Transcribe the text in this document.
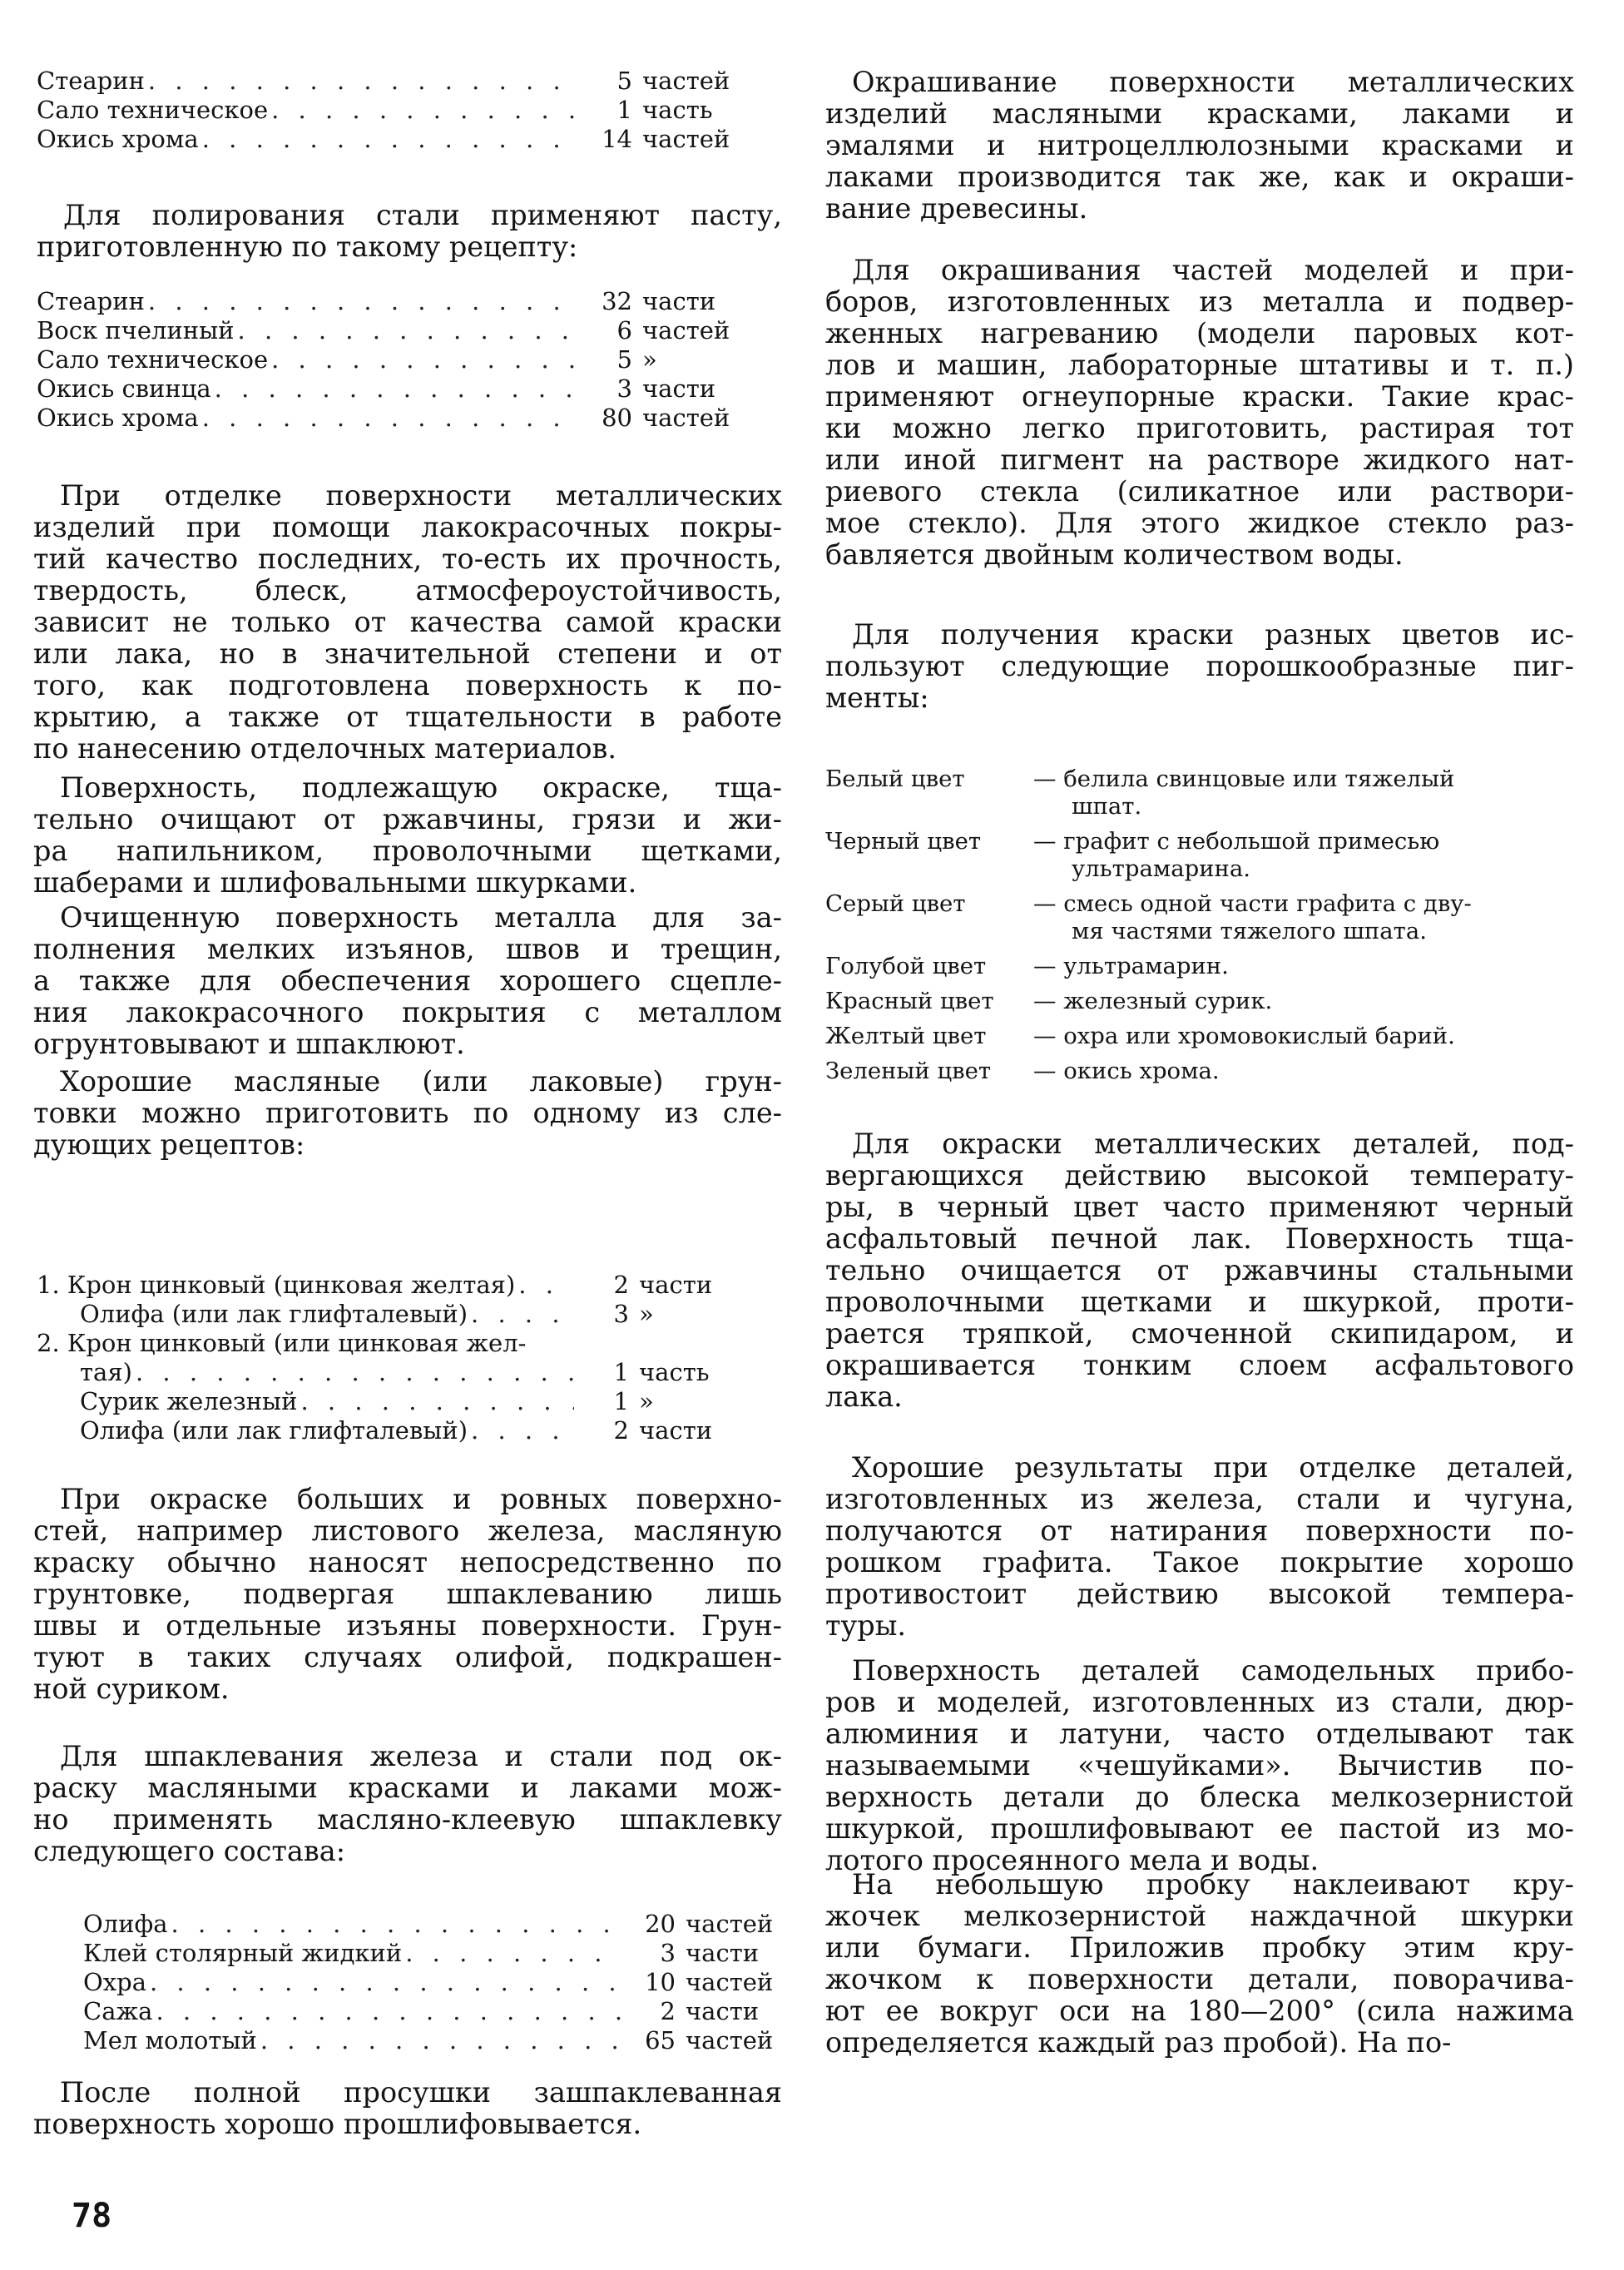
Стеарин . . .	5 частей
Сало техническое . . .	1 часть
Окись хрома . . .	14 частей
Для полирования стали применяют пасту,
приготовленную по такому рецепту:
Стеарин . . .	32 части
Воск пчелиный . . .	6 частей
Сало техническое . . .	5 »
Окись свинца . . .	3 части
Окись хрома . . .	80 частей
При отделке поверхности металлических
изделий при помощи лакокрасочных покры-
тий качество последних, то-есть их прочность,
твердость, блеск, атмосфероустойчивость,
зависит не только от качества самой краски
или лака, но в значительной степени и от
того, как подготовлена поверхность к по-
крытию, а также от тщательности в работе
по нанесению отделочных материалов.
Поверхность, подлежащую окраске, тща-
тельно очищают от ржавчины, грязи и жи-
ра напильником, проволочными щетками,
шаберами и шлифовальными шкурками.
Очищенную поверхность металла для за-
полнения мелких изъянов, швов и трещин,
а также для обеспечения хорошего сцепле-
ния лакокрасочного покрытия с металлом
огрунтовывают и шпаклюют.
Хорошие масляные (или лаковые) грун-
товки можно приготовить по одному из сле-
дующих рецептов:
1. Крон цинковый (цинковая желтая) . . .	2 части
Олифа (или лак глифталевый) . . .	3 »
2. Крон цинковый (или цинковая жел-
тая) . . .	1 часть
Сурик железный . . .	1 »
Олифа (или лак глифталевый) . . .	2 части
При окраске больших и ровных поверхно-
стей, например листового железа, масляную
краску обычно наносят непосредственно по
грунтовке, подвергая шпаклеванию лишь
швы и отдельные изъяны поверхности. Грун-
туют в таких случаях олифой, подкрашен-
ной суриком.
Для шпаклевания железа и стали под ок-
раску масляными красками и лаками мож-
но применять масляно-клеевую шпаклевку
следующего состава:
Олифа . . .	20 частей
Клей столярный жидкий . . .	3 части
Охра . . .	10 частей
Сажа . . .	2 части
Мел молотый . . .	65 частей
После полной просушки зашпаклеванная
поверхность хорошо прошлифовывается.
78
Окрашивание поверхности металлических
изделий масляными красками, лаками и
эмалями и нитроцеллюлозными красками и
лаками производится так же, как и окраши-
вание древесины.
Для окрашивания частей моделей и при-
боров, изготовленных из металла и подвер-
женных нагреванию (модели паровых кот-
лов и машин, лабораторные штативы и т. п.)
применяют огнеупорные краски. Такие крас-
ки можно легко приготовить, растирая тот
или иной пигмент на растворе жидкого нат-
риевого стекла (силикатное или раствори-
мое стекло). Для этого жидкое стекло раз-
бавляется двойным количеством воды.
Для получения краски разных цветов ис-
пользуют следующие порошкообразные пиг-
менты:
Белый цвет	— белила свинцовые или тяжелый
шпат.
Черный цвет	— графит с небольшой примесью
ультрамарина.
Серый цвет	— смесь одной части графита с дву-
мя частями тяжелого шпата.
Голубой цвет	— ультрамарин.
Красный цвет	— железный сурик.
Желтый цвет	— охра или хромовокислый барий.
Зеленый цвет	— окись хрома.
Для окраски металлических деталей, под-
вергающихся действию высокой температу-
ры, в черный цвет часто применяют черный
асфальтовый печной лак. Поверхность тща-
тельно очищается от ржавчины стальными
проволочными щетками и шкуркой, проти-
рается тряпкой, смоченной скипидаром, и
окрашивается тонким слоем асфальтового
лака.
Хорошие результаты при отделке деталей,
изготовленных из железа, стали и чугуна,
получаются от натирания поверхности по-
рошком графита. Такое покрытие хорошо
противостоит действию высокой темпера-
туры.
Поверхность деталей самодельных прибо-
ров и моделей, изготовленных из стали, дюр-
алюминия и латуни, часто отделывают так
называемыми «чешуйками». Вычистив по-
верхность детали до блеска мелкозернистой
шкуркой, прошлифовывают ее пастой из мо-
лотого просеянного мела и воды.
На небольшую пробку наклеивают кру-
жочек мелкозернистой наждачной шкурки
или бумаги. Приложив пробку этим кру-
жочком к поверхности детали, поворачива-
ют ее вокруг оси на 180—200° (сила нажима
определяется каждый раз пробой). На по-
